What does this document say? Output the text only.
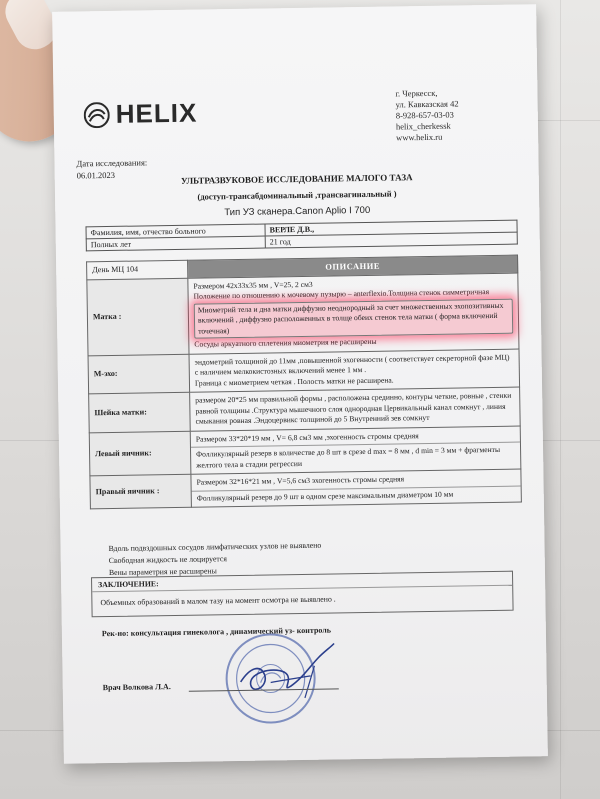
HELIX
г. Черкесск,
ул. Кавказская 42
8-928-657-03-03
helix_cherkessk
www.helix.ru
Дата исследования:
06.01.2023	УЛЬТРАЗВУКОВОЕ ИССЛЕДОВАНИЕ МАЛОГО ТАЗА
(доступ-трансабдоминальный ,трансвагинальный )
Тип УЗ сканера.Canon Aplio I 700
Фамилия, имя, отчество больного	ВЕРЛЕ Д.В.,
Полных лет	21 год
День МЦ 104	ОПИСАНИЕ
Матка :	Размером 42х33х35 мм , V=25, 2 см3
Положение по отношению к мочевому пузырю – anterflexio.Толщина стенок симметричная
Миометрий тела и дна матки диффузно неоднородный за счет множественных эхопозитивных включений , диффузно расположенных в толще обеих стенок тела матки ( форма включений точечная)
Сосуды аркуатного сплетения миометрия не расширены

М-эхо:	эндометрий толщиной до 11мм ,повышенной эхогенности ( соответствует секреторной фазе МЦ) с наличием мелкокистозных включений менее 1 мм .
Граница с миометрием четкая . Полость матки не расширена.

Шейка матки:	размером 20*25 мм правильной формы , расположена срединно, контуры четкие, ровные , стенки равной толщины .Структура мышечного слоя однородная Цервикальный канал сомкнут , линия смыкания ровная .Эндоцервикс толщиной до 5 Внутренний зев сомкнут
Левый яичник:	Размером 33*20*19 мм , V= 6,8 см3 мм ,эхогенность стромы средняя
Фолликулярный резерв в количестве до 8 шт в срезе d max = 8 мм , d min = 3 мм + фрагменты желтого тела в стадии регрессии

Правый яичник :	Размером 32*16*21 мм , V=5,6 см3 эхогенность стромы средняя
Фолликулярный резерв до 9 шт в одном срезе максимальным диаметром 10 мм
Вдоль подвздошных сосудов лимфатических узлов не выявлено
Свободная жидкость не лоцируется
Вены параметрия не расширены
ЗАКЛЮЧЕНИЕ:
Объемных образований в малом тазу на момент осмотра не выявлено .
Рек-но: консультация гинеколога , динамический уз- контроль
Врач Волкова Л.А.
